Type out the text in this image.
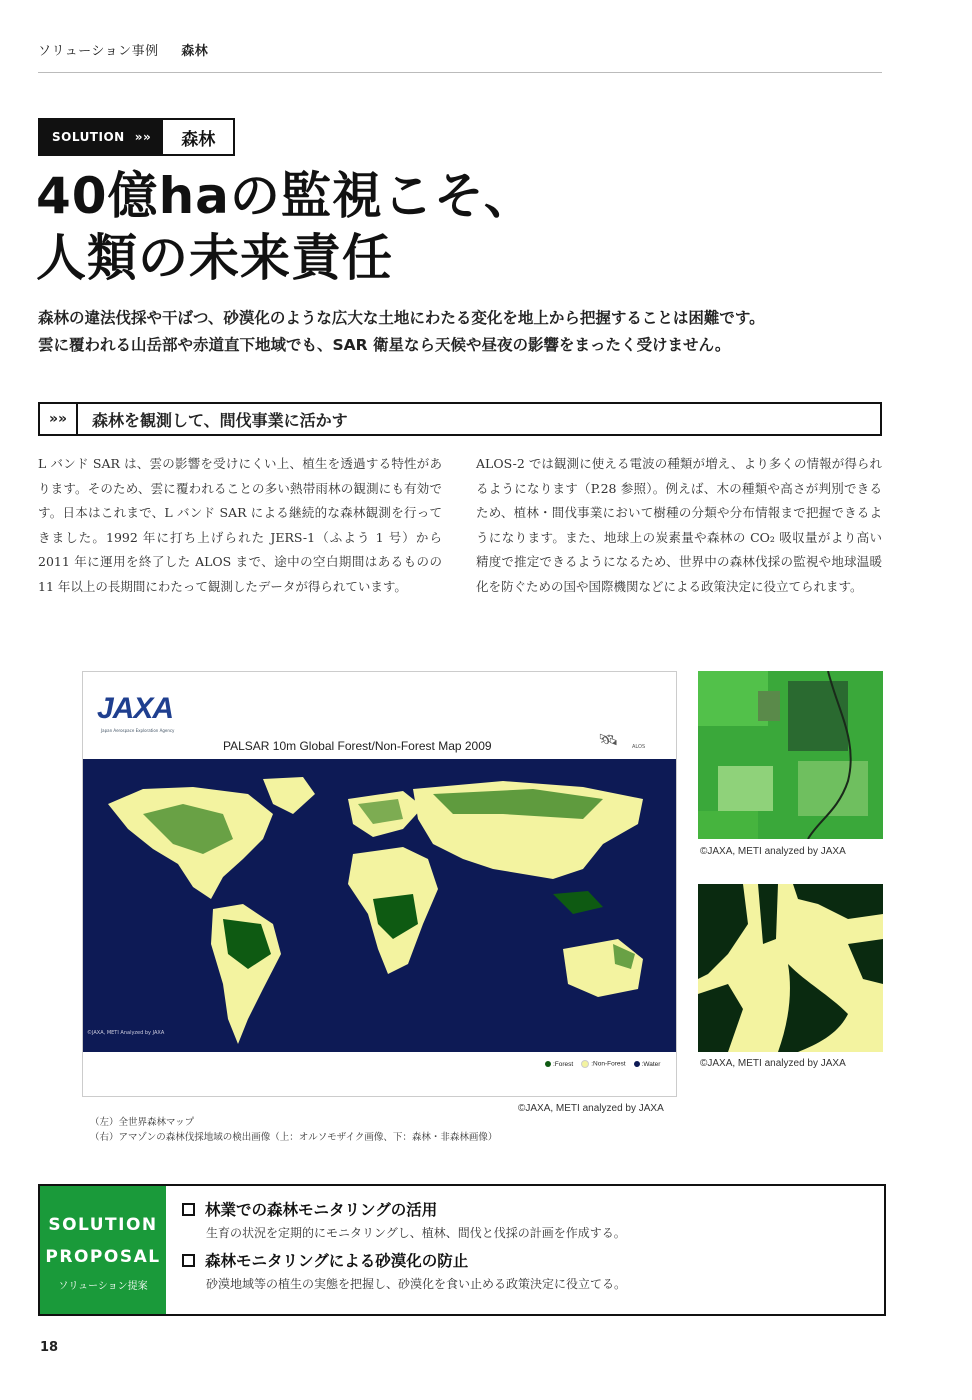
ソリューション事例 森林
SOLUTION »»	森林
40億haの監視こそ、
人類の未来責任
森林の違法伐採や干ばつ、砂漠化のような広大な土地にわたる変化を地上から把握することは困難です。
雲に覆われる山岳部や赤道直下地域でも、SAR 衛星なら天候や昼夜の影響をまったく受けません。
»»	森林を観測して、間伐事業に活かす
L バンド SAR は、雲の影響を受けにくい上、植生を透過する特性があります。そのため、雲に覆われることの多い熱帯雨林の観測にも有効です。日本はこれまで、L バンド SAR による継続的な森林観測を行ってきました。1992 年に打ち上げられた JERS-1（ふよう 1 号）から 2011 年に運用を終了した ALOS まで、途中の空白期間はあるものの 11 年以上の長期間にわたって観測したデータが得られています。
ALOS-2 では観測に使える電波の種類が増え、より多くの情報が得られるようになります（P.28 参照）。例えば、木の種類や高さが判別できるため、植林・間伐事業において樹種の分類や分布情報まで把握できるようになります。また、地球上の炭素量や森林の CO₂ 吸収量がより高い精度で推定できるようになるため、世界中の森林伐採の監視や地球温暖化を防ぐための国や国際機関などによる政策決定に役立てられます。
JAXA
Japan Aerospace Exploration Agency
PALSAR 10m Global Forest/Non-Forest Map 2009	🛰	ALOS
©JAXA, METI Analyzed by JAXA
:Forest	:Non-Forest	:Water
©JAXA, METI analyzed by JAXA
（左）全世界森林マップ
（右）アマゾンの森林伐採地域の検出画像（上：オルソモザイク画像、下：森林・非森林画像）
©JAXA, METI analyzed by JAXA
©JAXA, METI analyzed by JAXA
SOLUTION
PROPOSAL
ソリューション提案
林業での森林モニタリングの活用
生育の状況を定期的にモニタリングし、植林、間伐と伐採の計画を作成する。
森林モニタリングによる砂漠化の防止
砂漠地域等の植生の実態を把握し、砂漠化を食い止める政策決定に役立てる。
18
